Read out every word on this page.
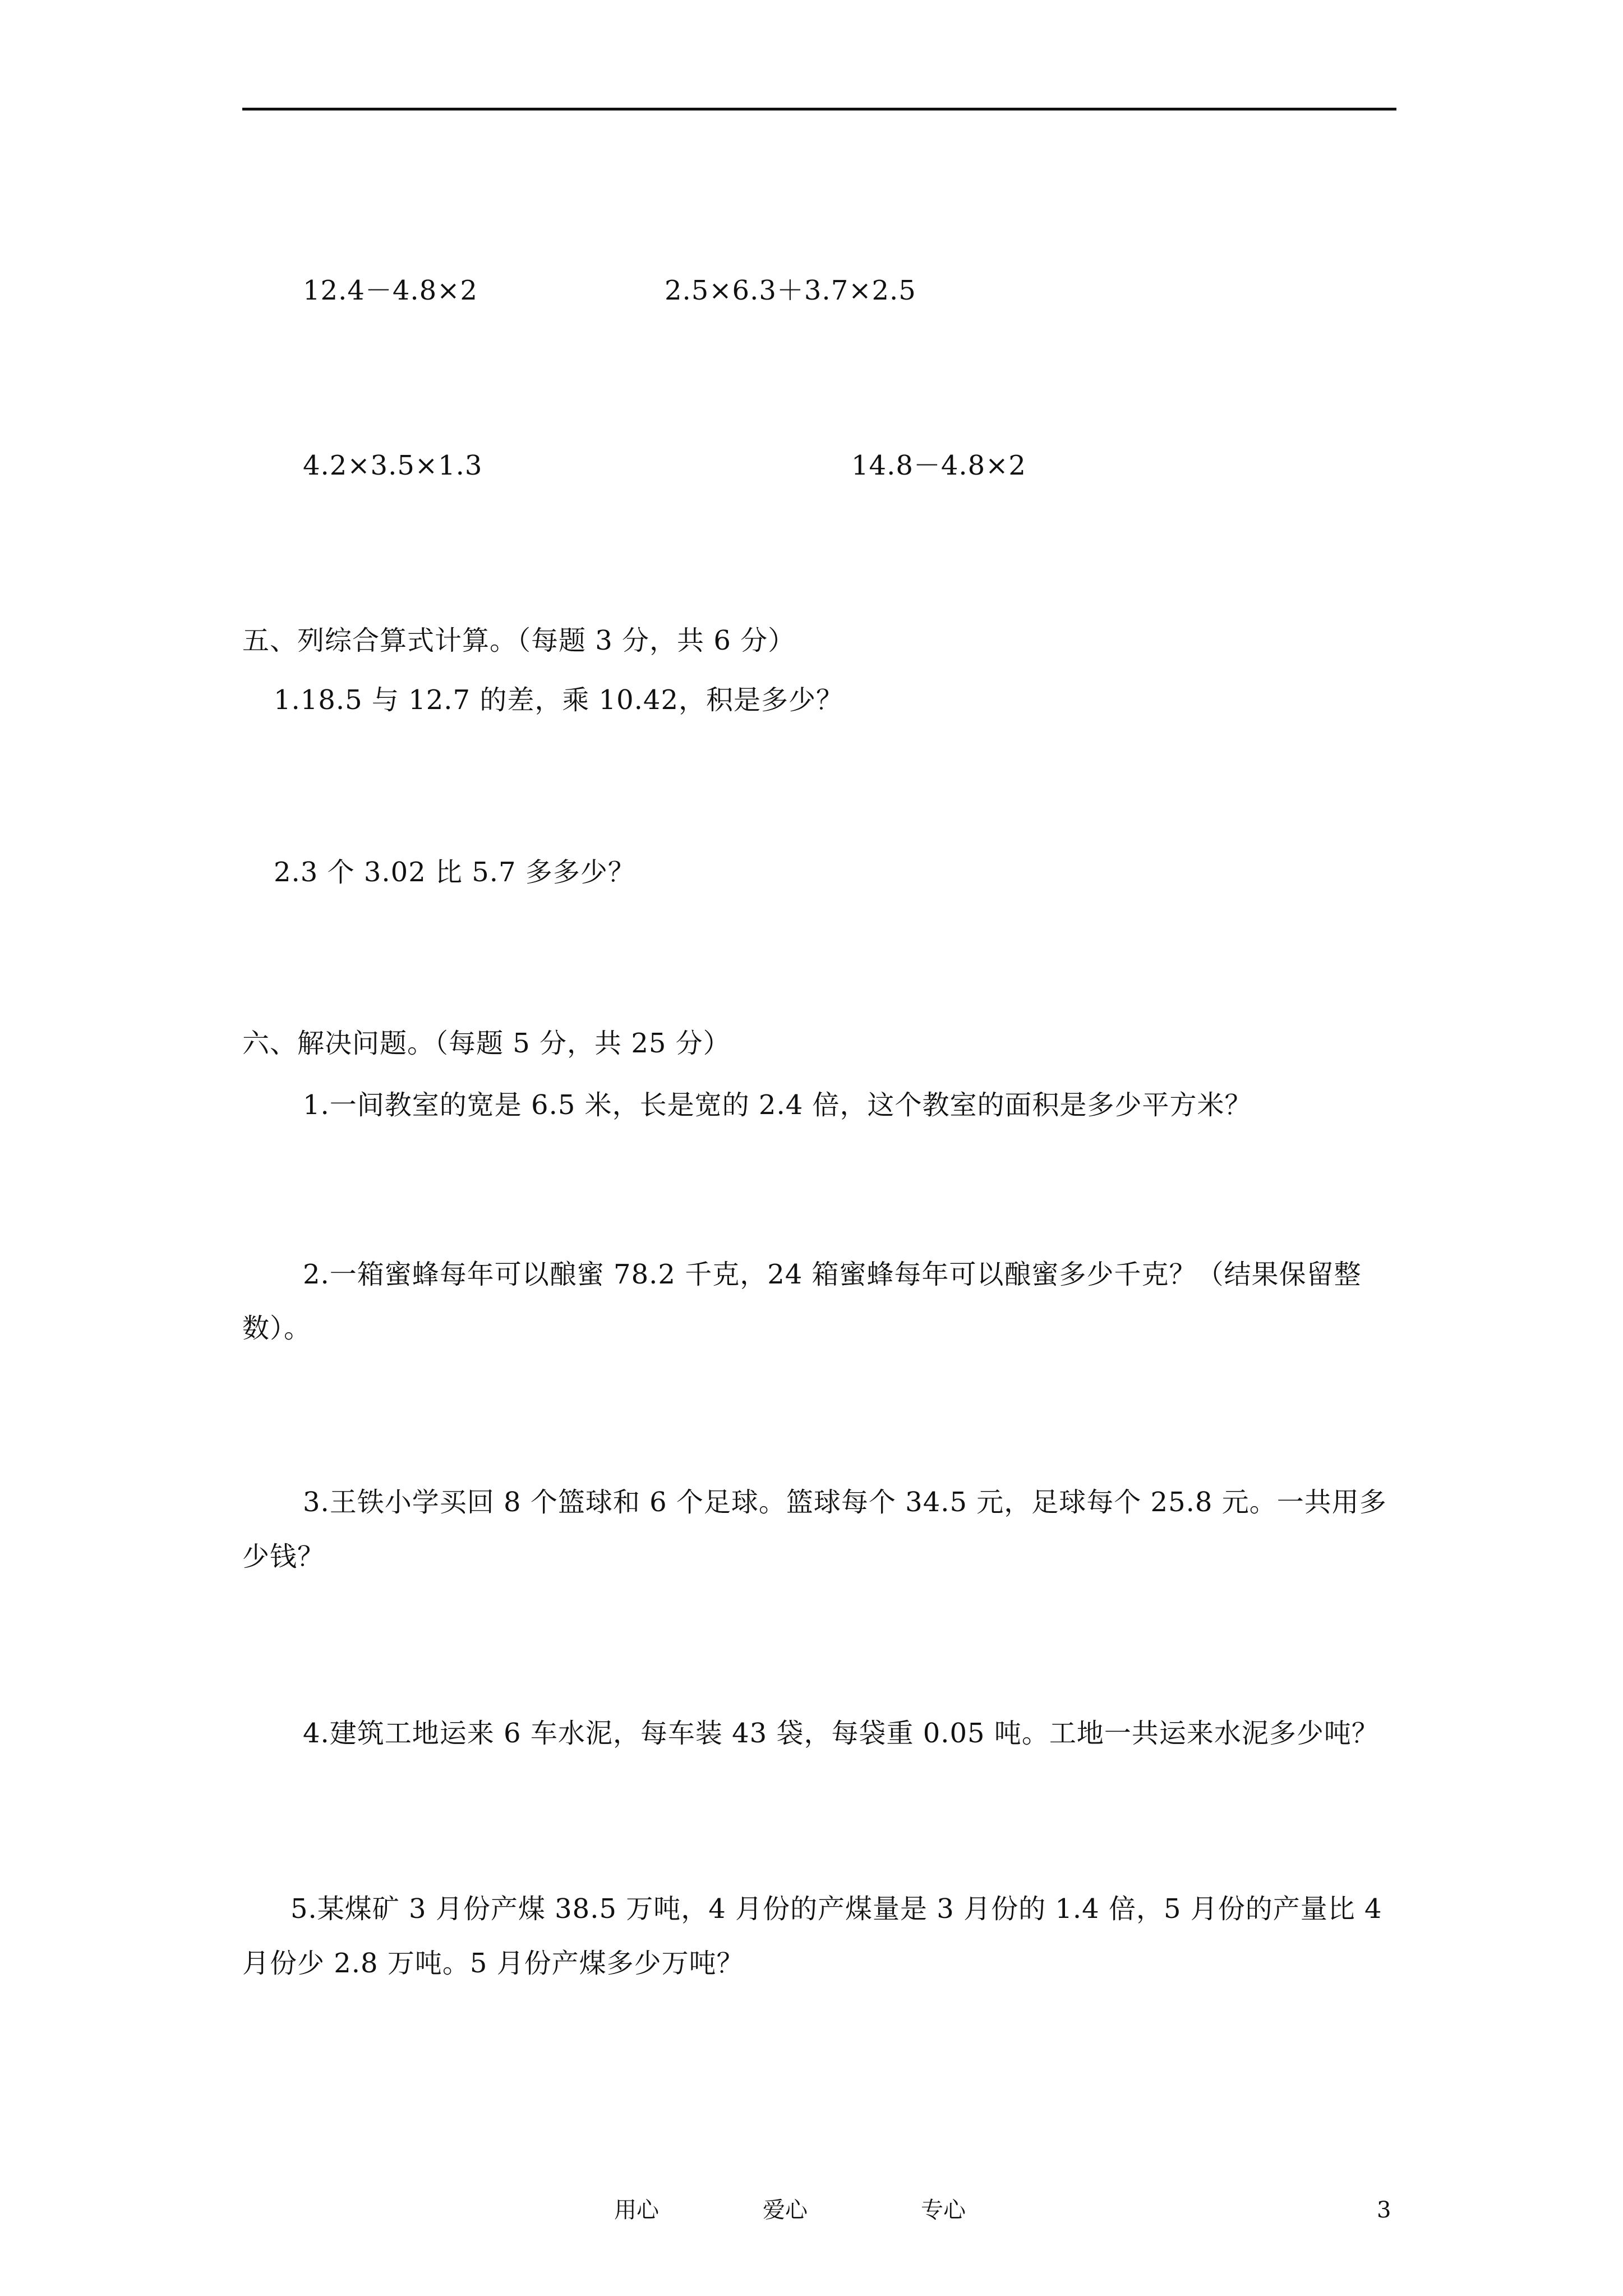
12.4－4.8×2	2.5×6.3＋3.7×2.5
4.2×3.5×1.3	14.8－4.8×2
五、列综合算式计算。（每题 3 分，共 6 分）
1.18.5 与 12.7 的差，乘 10.42，积是多少？
2.3 个 3.02 比 5.7 多多少？
六、解决问题。（每题 5 分，共 25 分）
1.一间教室的宽是 6.5 米，长是宽的 2.4 倍，这个教室的面积是多少平方米？
2.一箱蜜蜂每年可以酿蜜 78.2 千克，24 箱蜜蜂每年可以酿蜜多少千克？（结果保留整
数）。
3.王铁小学买回 8 个篮球和 6 个足球。篮球每个 34.5 元，足球每个 25.8 元。一共用多
少钱？
4.建筑工地运来 6 车水泥，每车装 43 袋，每袋重 0.05 吨。工地一共运来水泥多少吨？
5.某煤矿 3 月份产煤 38.5 万吨，4 月份的产煤量是 3 月份的 1.4 倍，5 月份的产量比 4
月份少 2.8 万吨。5 月份产煤多少万吨？
用心	爱心	专心	3
